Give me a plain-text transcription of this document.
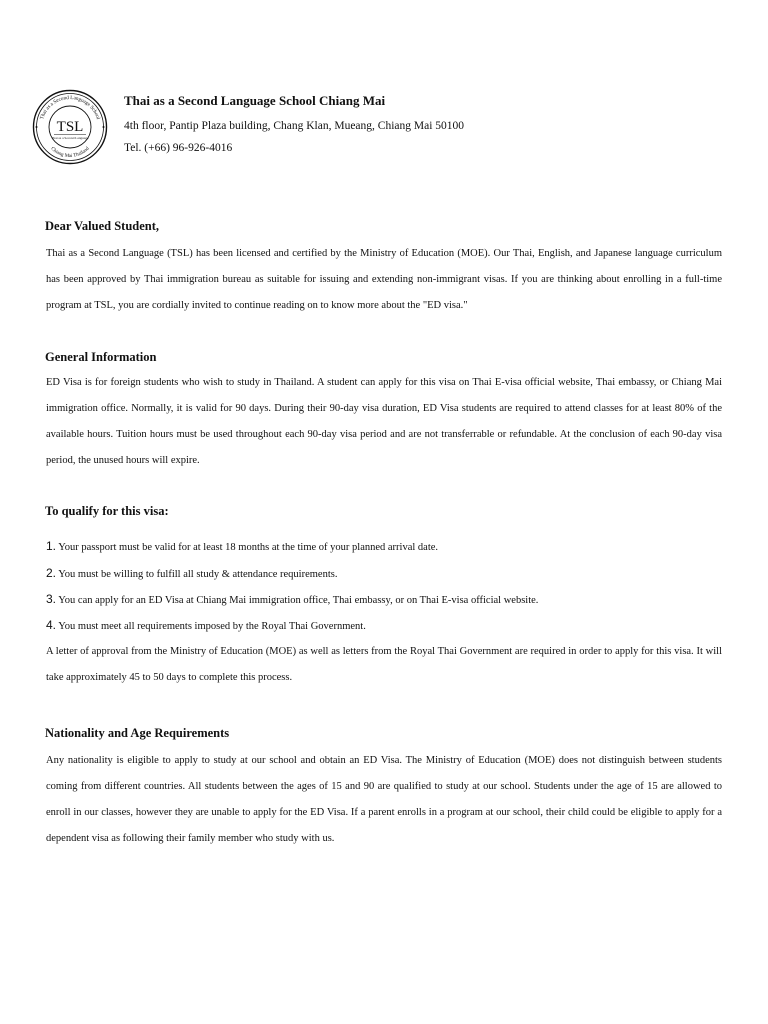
Thai as a Second Language School
Chiang Mai Thailand
TSL
Thai as a Second Language
Thai as a Second Language School Chiang Mai
4th floor, Pantip Plaza building, Chang Klan, Mueang, Chiang Mai 50100
Tel. (+66) 96-926-4016
Dear Valued Student,
Thai as a Second Language (TSL) has been licensed and certified by the Ministry of Education (MOE). Our Thai, English, and Japanese language curriculum has been approved by Thai immigration bureau as suitable for issuing and extending non-immigrant visas. If you are thinking about enrolling in a full-time program at TSL, you are cordially invited to continue reading on to know more about the "ED visa."
General Information
ED Visa is for foreign students who wish to study in Thailand. A student can apply for this visa on Thai E-visa official website, Thai embassy, or Chiang Mai immigration office. Normally, it is valid for 90 days. During their 90-day visa duration, ED Visa students are required to attend classes for at least 80% of the available hours. Tuition hours must be used throughout each 90-day visa period and are not transferrable or refundable. At the conclusion of each 90-day visa period, the unused hours will expire.
To qualify for this visa:
1. Your passport must be valid for at least 18 months at the time of your planned arrival date.
2. You must be willing to fulfill all study & attendance requirements.
3. You can apply for an ED Visa at Chiang Mai immigration office, Thai embassy, or on Thai E-visa official website.
4. You must meet all requirements imposed by the Royal Thai Government.
A letter of approval from the Ministry of Education (MOE) as well as letters from the Royal Thai Government are required in order to apply for this visa. It will take approximately 45 to 50 days to complete this process.
Nationality and Age Requirements
Any nationality is eligible to apply to study at our school and obtain an ED Visa. The Ministry of Education (MOE) does not distinguish between students coming from different countries. All students between the ages of 15 and 90 are qualified to study at our school. Students under the age of 15 are allowed to enroll in our classes, however they are unable to apply for the ED Visa. If a parent enrolls in a program at our school, their child could be eligible to apply for a dependent visa as following their family member who study with us.
